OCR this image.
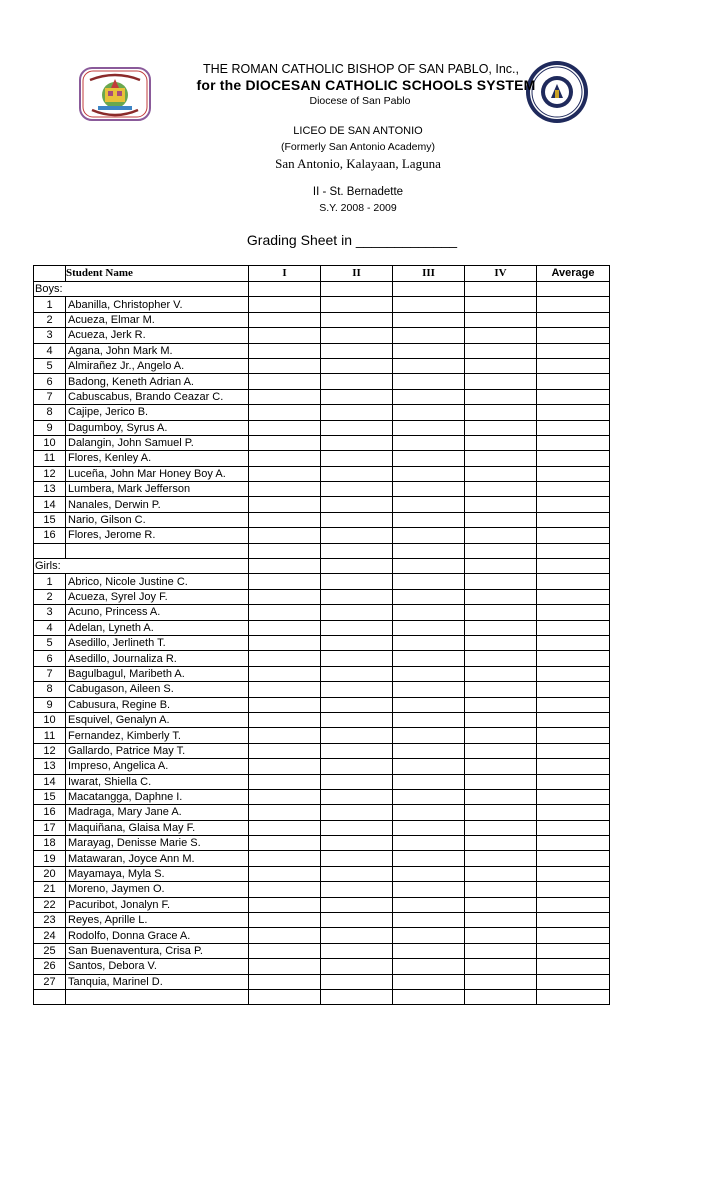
THE ROMAN CATHOLIC BISHOP OF SAN PABLO, Inc.,
for the DIOCESAN CATHOLIC SCHOOLS SYSTEM
Diocese of San Pablo
LICEO DE SAN ANTONIO
(Formerly San Antonio Academy)
San Antonio, Kalayaan, Laguna
II - St. Bernadette
S.Y. 2008 - 2009
Grading Sheet in _____________
	Student Name	I	II	III	IV	Average
Boys:						
1	Abanilla, Christopher V.					
2	Acueza, Elmar M.					
3	Acueza, Jerk R.					
4	Agana, John Mark M.					
5	Almirañez Jr., Angelo A.					
6	Badong, Keneth Adrian A.					
7	Cabuscabus, Brando Ceazar C.					
8	Cajipe, Jerico B.					
9	Dagumboy, Syrus A.					
10	Dalangin, John Samuel P.					
11	Flores, Kenley A.					
12	Luceña, John Mar Honey Boy A.					
13	Lumbera, Mark Jefferson					
14	Nanales, Derwin P.					
15	Nario, Gilson C.					
16	Flores, Jerome R.					

Girls:						
1	Abrico, Nicole Justine C.					
2	Acueza, Syrel Joy F.					
3	Acuno, Princess A.					
4	Adelan, Lyneth A.					
5	Asedillo, Jerlineth T.					
6	Asedillo, Journaliza R.					
7	Bagulbagul, Maribeth A.					
8	Cabugason, Aileen S.					
9	Cabusura, Regine B.					
10	Esquivel, Genalyn A.					
11	Fernandez, Kimberly T.					
12	Gallardo, Patrice May T.					
13	Impreso, Angelica A.					
14	Iwarat, Shiella C.					
15	Macatangga, Daphne I.					
16	Madraga, Mary Jane A.					
17	Maquiñana, Glaisa May F.					
18	Marayag, Denisse Marie S.					
19	Matawaran, Joyce Ann M.					
20	Mayamaya, Myla S.					
21	Moreno, Jaymen O.					
22	Pacuribot, Jonalyn F.					
23	Reyes, Aprille L.					
24	Rodolfo, Donna Grace A.					
25	San Buenaventura, Crisa P.					
26	Santos, Debora V.					
27	Tanquia, Marinel D.					
